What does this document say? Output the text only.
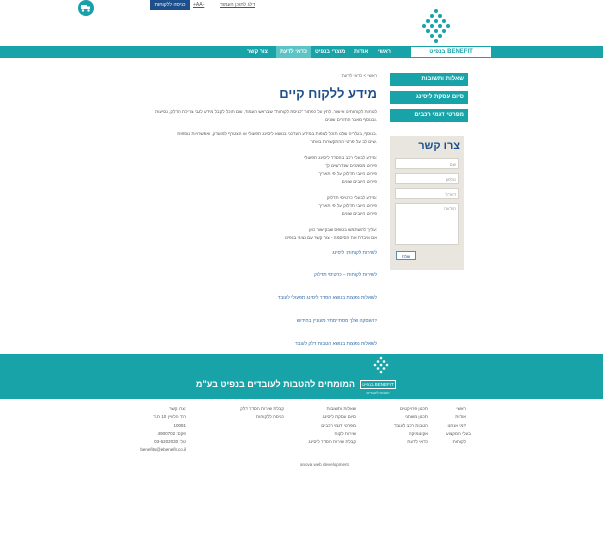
דלג לתוכן העמוד
+AA-
כניסה ללקוחות
צור קשר	כדאי לדעת	מוצרי בנפיט	אודות	ראשי	בנפיט BENEFIT
שאלות ותשובות
סיום עסקת ליסינג
מפרטי דגמי רכבים
צרו קשר
שם
טלפון
דוא"ל
הודעה
שלח
ראשי > כדאי לדעת
מידע ללקוח קיים
לנוחות לקוחותינו אישור, לחץ על כפתור "כניסת לקוחות" שבראש העמוד, שם תוכל לקבל מידע לגבי צריכת הדלק, נסיעות
ובנוסף מאגר החזרים שונים.
בנוסף, בגלריה שלנו תוכל לצפות במידע העדכני בנושא ליסינג תפעולי או הצטרף למועדון, ואפשרויות נוספות.
שים לב על פרטי ההתקשרות באתר.
מידע לבעלי רכב בהסדר ליסינג תפעולי:
פירוט מסמכים שנדרשים לך
פירוט חיובי תדלוק על פי תאריך
פירוט חיובים שונים
מידע לבעלי כרטיסי תדלוק:
פירוט חיובי תדלוק על פי תאריך
פירוט חיובים שונים
עליך להשתמש בטופס שבקישור כאן:
אם איבדת את הסיסמה - צור קשר עם נציגי בנפיט
לשירות לקוחות: ליסינג
לשירות לקוחות – כרטיסי תדלוק
לשאלות נפוצות בנושא הסדר ליסינג תפעולי לעובד
העסקה שלך מסתיימת? מעוניין בחידוש?
לשאלות נפוצות בנושא הטבות דלק לעובד
בנפיט BENEFIT
הטבות לעובדים
המומחים להטבות לעובדים בנפיט בע"מ
ראשי
אודות
מי אנחנו?
בעלי המקצוע
לקוחות
תכנון פרויקטים
תכנון משתני
הטבות רכב לעובד
אקונומיקה
כדאי לדעת
שאלות ותשובות
סיום עסקת ליסינג
מפרטי דגמי רכבים
שירות לקוח
קבלת שירות הסדר ליסינג
קבלת שירות הסדר דלק
כניסה ללקוחות
צרו קשר:
רח' הלוויין 10 ת.ד
10081
פקס: 4900702
טל: 03-6202030
benefits@ebenefit.co.il
anova web development
